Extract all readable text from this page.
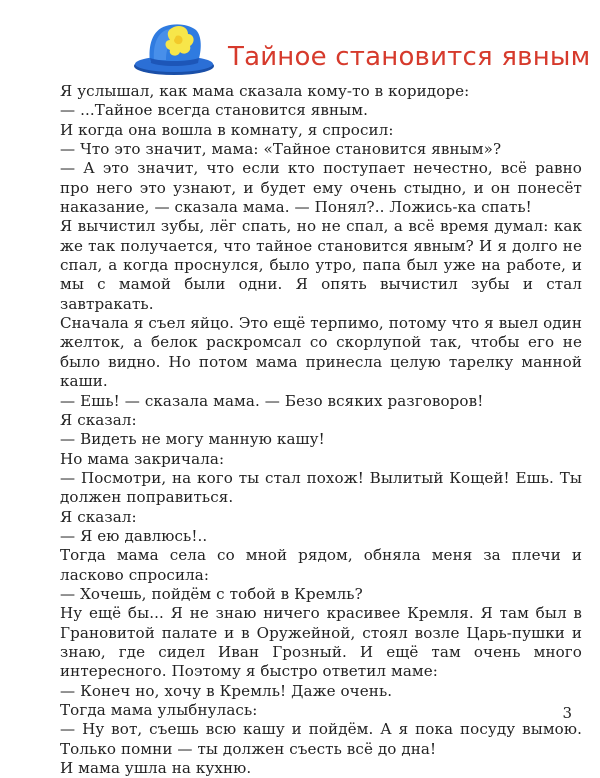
Тайное становится явным

Я услышал, как мама сказала кому-то в коридоре:

— ...Тайное всегда становится явным.

И когда она вошла в комнату, я спросил:

— Что это значит, мама: «Тайное становится явным»?

— А это значит, что если кто поступает нечестно, всё равно про него это узнают, и будет ему очень стыдно, и он понесёт наказание, — сказала мама. — Понял?.. Ложись-ка спать!

Я вычистил зубы, лёг спать, но не спал, а всё время думал: как же так получается, что тайное становится явным? И я долго не спал, а когда проснулся, было утро, папа был уже на работе, и мы с мамой были одни. Я опять вычистил зубы и стал завтракать.

Сначала я съел яйцо. Это ещё терпимо, потому что я выел один желток, а белок раскромсал со скорлупой так, чтобы его не было видно. Но потом мама принесла целую тарелку манной каши.

— Ешь! — сказала мама. — Безо всяких разговоров!

Я сказал:

— Видеть не могу манную кашу!

Но мама закричала:

— Посмотри, на кого ты стал похож! Вылитый Кощей! Ешь. Ты должен поправиться.

Я сказал:

— Я ею давлюсь!..

Тогда мама села со мной рядом, обняла меня за плечи и ласково спросила:

— Хочешь, пойдём с тобой в Кремль?

Ну ещё бы... Я не знаю ничего красивее Кремля. Я там был в Грановитой палате и в Оружейной, стоял возле Царь-пушки и знаю, где сидел Иван Грозный. И ещё там очень много интересного. Поэтому я быстро ответил маме:

— Конеч но, хочу в Кремль! Даже очень.

Тогда мама улыбнулась:

— Ну вот, съешь всю кашу и пойдём. А я пока посуду вымою. Только помни — ты должен съесть всё до дна!

И мама ушла на кухню.

3
